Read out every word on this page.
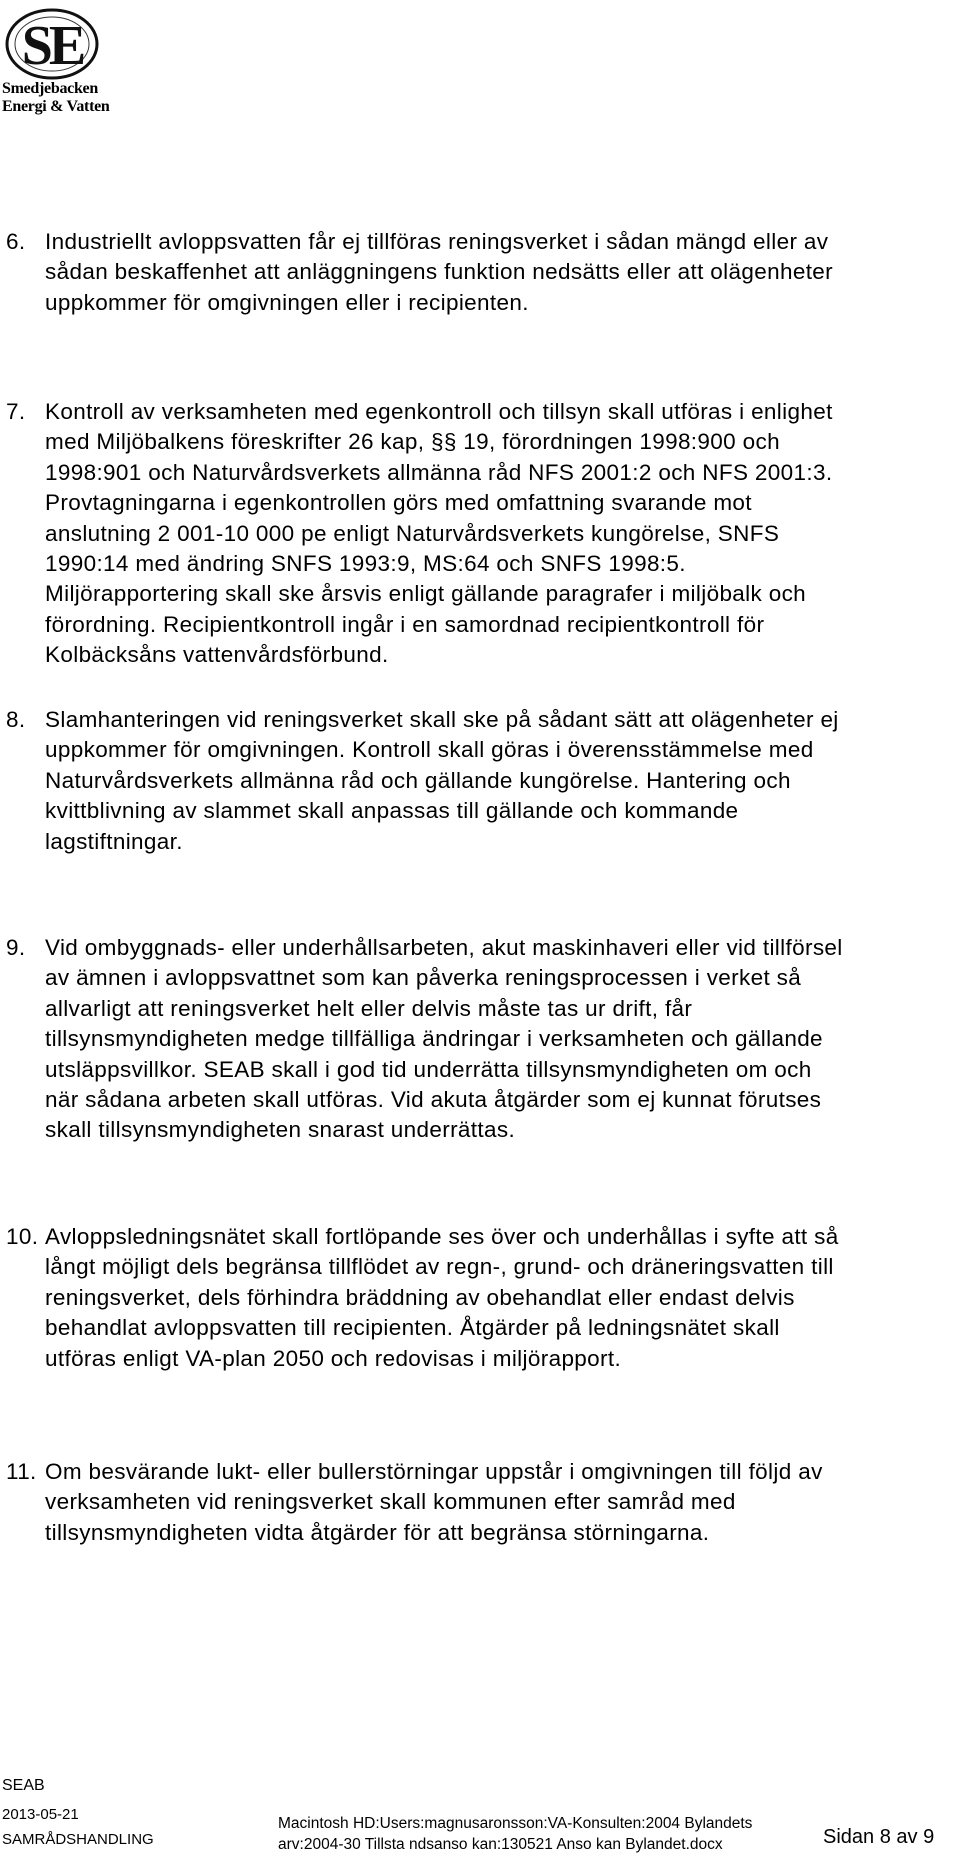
SE
Smedjebacken
Energi & Vatten
6. Industriellt avloppsvatten får ej tillföras reningsverket i sådan mängd eller av
sådan beskaffenhet att anläggningens funktion nedsätts eller att olägenheter
uppkommer för omgivningen eller i recipienten.
7. Kontroll av verksamheten med egenkontroll och tillsyn skall utföras i enlighet
med Miljöbalkens föreskrifter 26 kap, §§ 19, förordningen 1998:900 och
1998:901 och Naturvårdsverkets allmänna råd NFS 2001:2 och NFS 2001:3.
Provtagningarna i egenkontrollen görs med omfattning svarande mot
anslutning 2 001-10 000 pe enligt Naturvårdsverkets kungörelse, SNFS
1990:14 med ändring SNFS 1993:9, MS:64 och SNFS 1998:5.
Miljörapportering skall ske årsvis enligt gällande paragrafer i miljöbalk och
förordning. Recipientkontroll ingår i en samordnad recipientkontroll för
Kolbäcksåns vattenvårdsförbund.
8. Slamhanteringen vid reningsverket skall ske på sådant sätt att olägenheter ej
uppkommer för omgivningen. Kontroll skall göras i överensstämmelse med
Naturvårdsverkets allmänna råd och gällande kungörelse. Hantering och
kvittblivning av slammet skall anpassas till gällande och kommande
lagstiftningar.
9. Vid ombyggnads- eller underhållsarbeten, akut maskinhaveri eller vid tillförsel
av ämnen i avloppsvattnet som kan påverka reningsprocessen i verket så
allvarligt att reningsverket helt eller delvis måste tas ur drift, får
tillsynsmyndigheten medge tillfälliga ändringar i verksamheten och gällande
utsläppsvillkor. SEAB skall i god tid underrätta tillsynsmyndigheten om och
när sådana arbeten skall utföras. Vid akuta åtgärder som ej kunnat förutses
skall tillsynsmyndigheten snarast underrättas.
10. Avloppsledningsnätet skall fortlöpande ses över och underhållas i syfte att så
långt möjligt dels begränsa tillflödet av regn-, grund- och dräneringsvatten till
reningsverket, dels förhindra bräddning av obehandlat eller endast delvis
behandlat avloppsvatten till recipienten. Åtgärder på ledningsnätet skall
utföras enligt VA-plan 2050 och redovisas i miljörapport.
11. Om besvärande lukt- eller bullerstörningar uppstår i omgivningen till följd av
verksamheten vid reningsverket skall kommunen efter samråd med
tillsynsmyndigheten vidta åtgärder för att begränsa störningarna.
SEAB
2013-05-21
SAMRÅDSHANDLING
Macintosh HD:Users:magnusaronsson:VA-Konsulten:2004 Bylandets
arv:2004-30 Tillsta ndsanso kan:130521 Anso kan Bylandet.docx	Sidan 8 av 9
